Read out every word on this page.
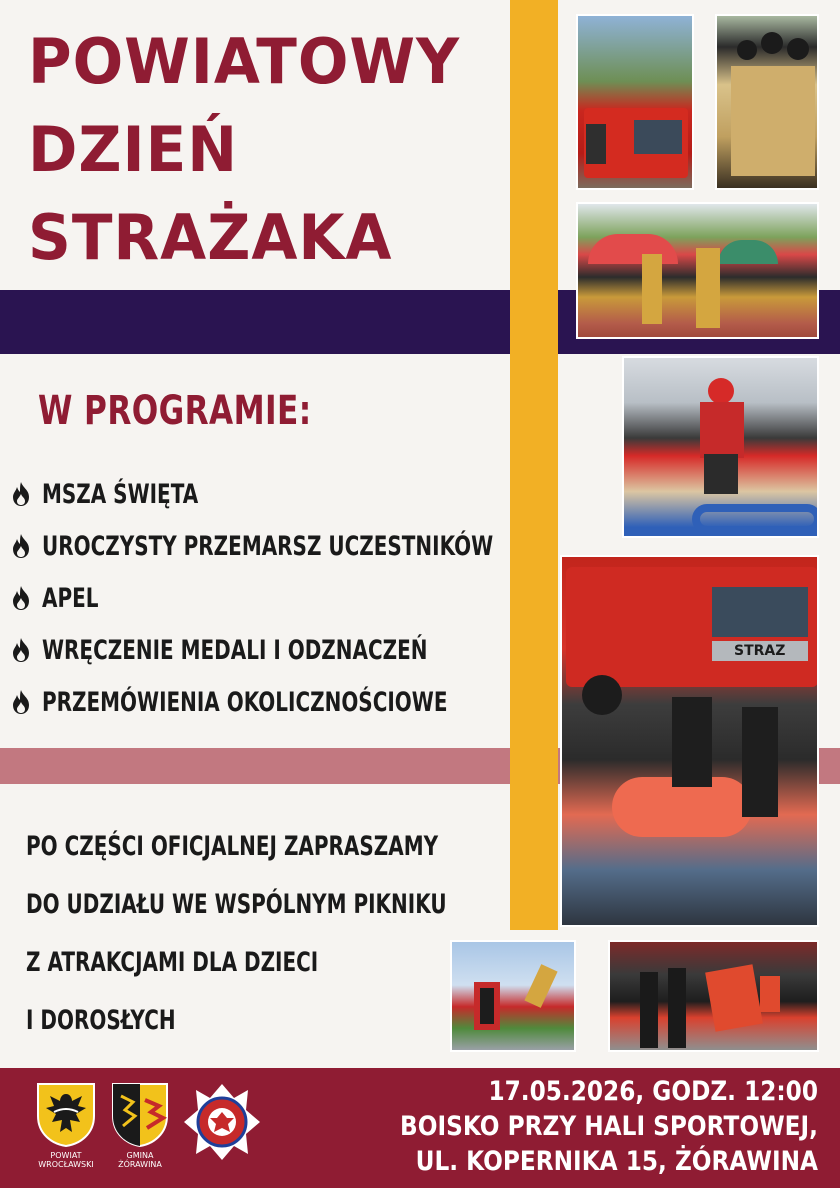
POWIATOWY
DZIEŃ
STRAŻAKA
STRAZ
W PROGRAMIE:
MSZA ŚWIĘTA
UROCZYSTY PRZEMARSZ UCZESTNIKÓW
APEL
WRĘCZENIE MEDALI I ODZNACZEŃ
PRZEMÓWIENIA OKOLICZNOŚCIOWE
PO CZĘŚCI OFICJALNEJ ZAPRASZAMY
DO UDZIAŁU WE WSPÓLNYM PIKNIKU
Z ATRAKCJAMI DLA DZIECI
I DOROSŁYCH
POWIAT
WROCŁAWSKI
GMINA
ŻÓRAWINA
17.05.2026, GODZ. 12:00
BOISKO PRZY HALI SPORTOWEJ,
UL. KOPERNIKA 15, ŻÓRAWINA
